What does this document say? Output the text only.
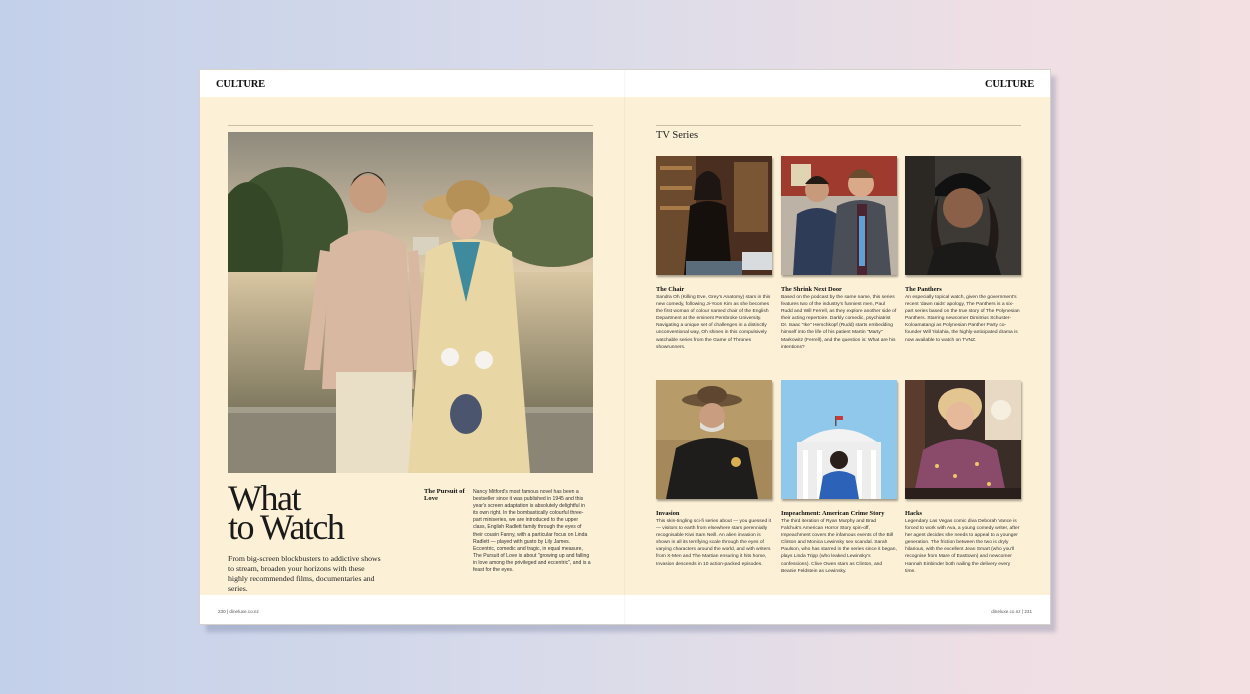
CULTURE	CULTURE
What
to Watch
From big-screen blockbusters to addictive shows to stream, broaden your horizons with these highly recommended films, documentaries and series.
The Pursuit of Love
Nancy Mitford's most famous novel has been a bestseller since it was published in 1945 and this year's screen adaptation is absolutely delightful in its own right. In the bombastically colourful three-part miniseries, we are introduced to the upper class, English Radlett family through the eyes of their cousin Fanny, with a particular focus on Linda Radlett — played with gusto by Lily James. Eccentric, comedic and tragic, in equal measure, The Pursuit of Love is about "growing up and falling in love among the privileged and eccentric", and is a feast for the eyes.
TV Series
The Chair
Sandra Oh (Killing Eve, Grey's Anatomy) stars in this new comedy, following Ji-Yoon Kim as she becomes the first woman of colour named chair of the English Department at the eminent Pembroke University. Navigating a unique set of challenges in a distinctly unconventional way, Oh shines in this compulsively watchable series from the Game of Thrones showrunners.
The Shrink Next Door
Based on the podcast by the same name, this series features two of the industry's funniest men, Paul Rudd and Will Ferrell, as they explore another side of their acting repertoire. Darkly comedic, psychiatrist Dr. Isaac "Ike" Herschkopf (Rudd) starts embedding himself into the life of his patient Martin "Marty" Markowitz (Ferrell), and the question is: What are his intentions?
The Panthers
An especially topical watch, given the government's recent 'dawn raids' apology, The Panthers is a six-part series based on the true story of The Polynesian Panthers. Starring newcomer Dimitrius Schuster-Koloamatangi as Polynesian Panther Party co-founder Will 'Ilolahia, the highly-anticipated drama is now available to watch on TVNZ.
Invasion
This skin-tingling sci-fi series about — you guessed it — visitors to earth from elsewhere stars perennially recognisable Kiwi Sam Neill. An alien invasion is shown in all its terrifying scale through the eyes of varying characters around the world, and with writers from X-Men and The Martian ensuring it hits home, Invasion descends in 10 action-packed episodes.
Impeachment: American Crime Story
The third iteration of Ryan Murphy and Brad Falchuk's American Horror Story spin-off, Impeachment covers the infamous events of the Bill Clinton and Monica Lewinsky sex scandal. Sarah Paulson, who has starred in the series since it began, plays Linda Tripp (who leaked Lewinsky's confessions). Clive Owen stars as Clinton, and Beanie Feldstein as Lewinsky.
Hacks
Legendary Las Vegas comic diva Deborah Vance is forced to work with Ava, a young comedy writer, after her agent decides she needs to appeal to a younger generation. The friction between the two is dryly hilarious, with the excellent Jean Smart (who you'll recognise from Mare of Easttown) and newcomer Hannah Einbinder both nailing the delivery every time.
230 | dineluxe.co.nz	dineluxe.co.nz | 231
